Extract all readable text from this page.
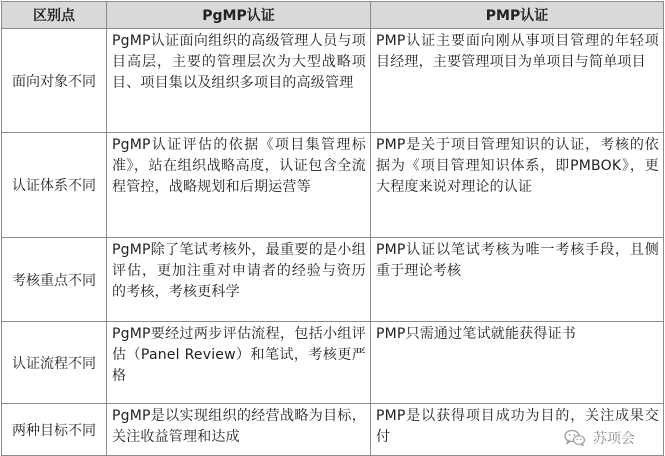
区别点	PgMP认证	PMP认证
面向对象不同	PgMP认证面向组织的高级管理人员与项目高层，主要的管理层次为大型战略项目、项目集以及组织多项目的高级管理	PMP认证主要面向刚从事项目管理的年轻项目经理，主要管理项目为单项目与简单项目
认证体系不同	PgMP认证评估的依据《项目集管理标准》，站在组织战略高度，认证包含全流程管控，战略规划和后期运营等	PMP是关于项目管理知识的认证，考核的依据为《项目管理知识体系，即PMBOK》，更大程度来说对理论的认证
考核重点不同	PgMP除了笔试考核外，最重要的是小组评估，更加注重对申请者的经验与资历的考核，考核更科学	PMP认证以笔试考核为唯一考核手段，且侧重于理论考核
认证流程不同	PgMP要经过两步评估流程，包括小组评估（Panel Review）和笔试，考核更严格	PMP只需通过笔试就能获得证书
两种目标不同	PgMP是以实现组织的经营战略为目标，关注收益管理和达成	PMP是以获得项目成功为目的，关注成果交付	苏项会
